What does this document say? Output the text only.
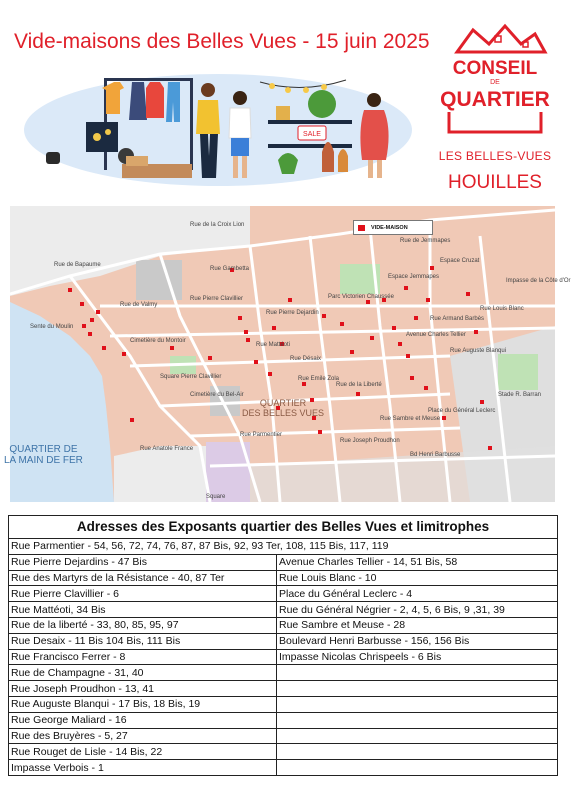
Vide-maisons des Belles Vues - 15 juin 2025
SALE
CONSEIL
DE
QUARTIER
LES BELLES-VUES
HOUILLES
VIDE-MAISON
QUARTIER
DES BELLES VUES
QUARTIER DE
LA MAIN DE FER
Cimetière du Montoir
Square Pierre Clavillier
Cimetière du Bel-Air
Parc Victorien Chaussée
Espace Jemmapes
Espace Cruzat
Stade R. Barran
Place du Général Leclerc
Square
Rue de Bapaume
Rue de la Croix Lion
Rue de Valmy
Rue Pierre Dejardin
Rue de Jemmapes
Rue Gambetta
Rue Désaix
Rue Parmentier
Rue de la Liberté
Rue Mattéoti
Rue Pierre Clavillier
Avenue Charles Tellier
Rue Emile Zola
Bd Henri Barbusse
Rue Louis Blanc
Rue Sambre et Meuse
Rue Armand Barbès
Rue Auguste Blanqui
Impasse de la Côte d'Or
Rue Joseph Proudhon
Sente du Moulin
Rue Anatole France
Adresses des Exposants quartier des Belles Vues et limitrophes	
Rue Parmentier - 54, 56, 72, 74, 76, 87, 87 Bis, 92, 93 Ter, 108, 115 Bis, 117, 119	
Rue Pierre Dejardins - 47 Bis	Avenue Charles Tellier - 14, 51 Bis, 58
Rue des Martyrs de la Résistance - 40, 87 Ter	Rue Louis Blanc - 10
Rue Pierre Clavillier - 6	Place du Général Leclerc - 4
Rue Mattéoti, 34 Bis	Rue du Général Négrier - 2, 4, 5, 6 Bis, 9 ,31, 39
Rue de la liberté - 33, 80, 85, 95, 97	Rue Sambre et Meuse - 28
Rue Desaix - 11 Bis 104 Bis, 111 Bis	Boulevard Henri Barbusse - 156, 156 Bis
Rue Francisco Ferrer - 8	Impasse Nicolas Chrispeels - 6 Bis
Rue de Champagne - 31, 40	
Rue Joseph Proudhon - 13, 41	
Rue Auguste Blanqui - 17 Bis, 18 Bis, 19	
Rue George Maliard - 16	
Rue des Bruyères - 5, 27	
Rue Rouget de Lisle - 14 Bis, 22	
Impasse Verbois - 1	
